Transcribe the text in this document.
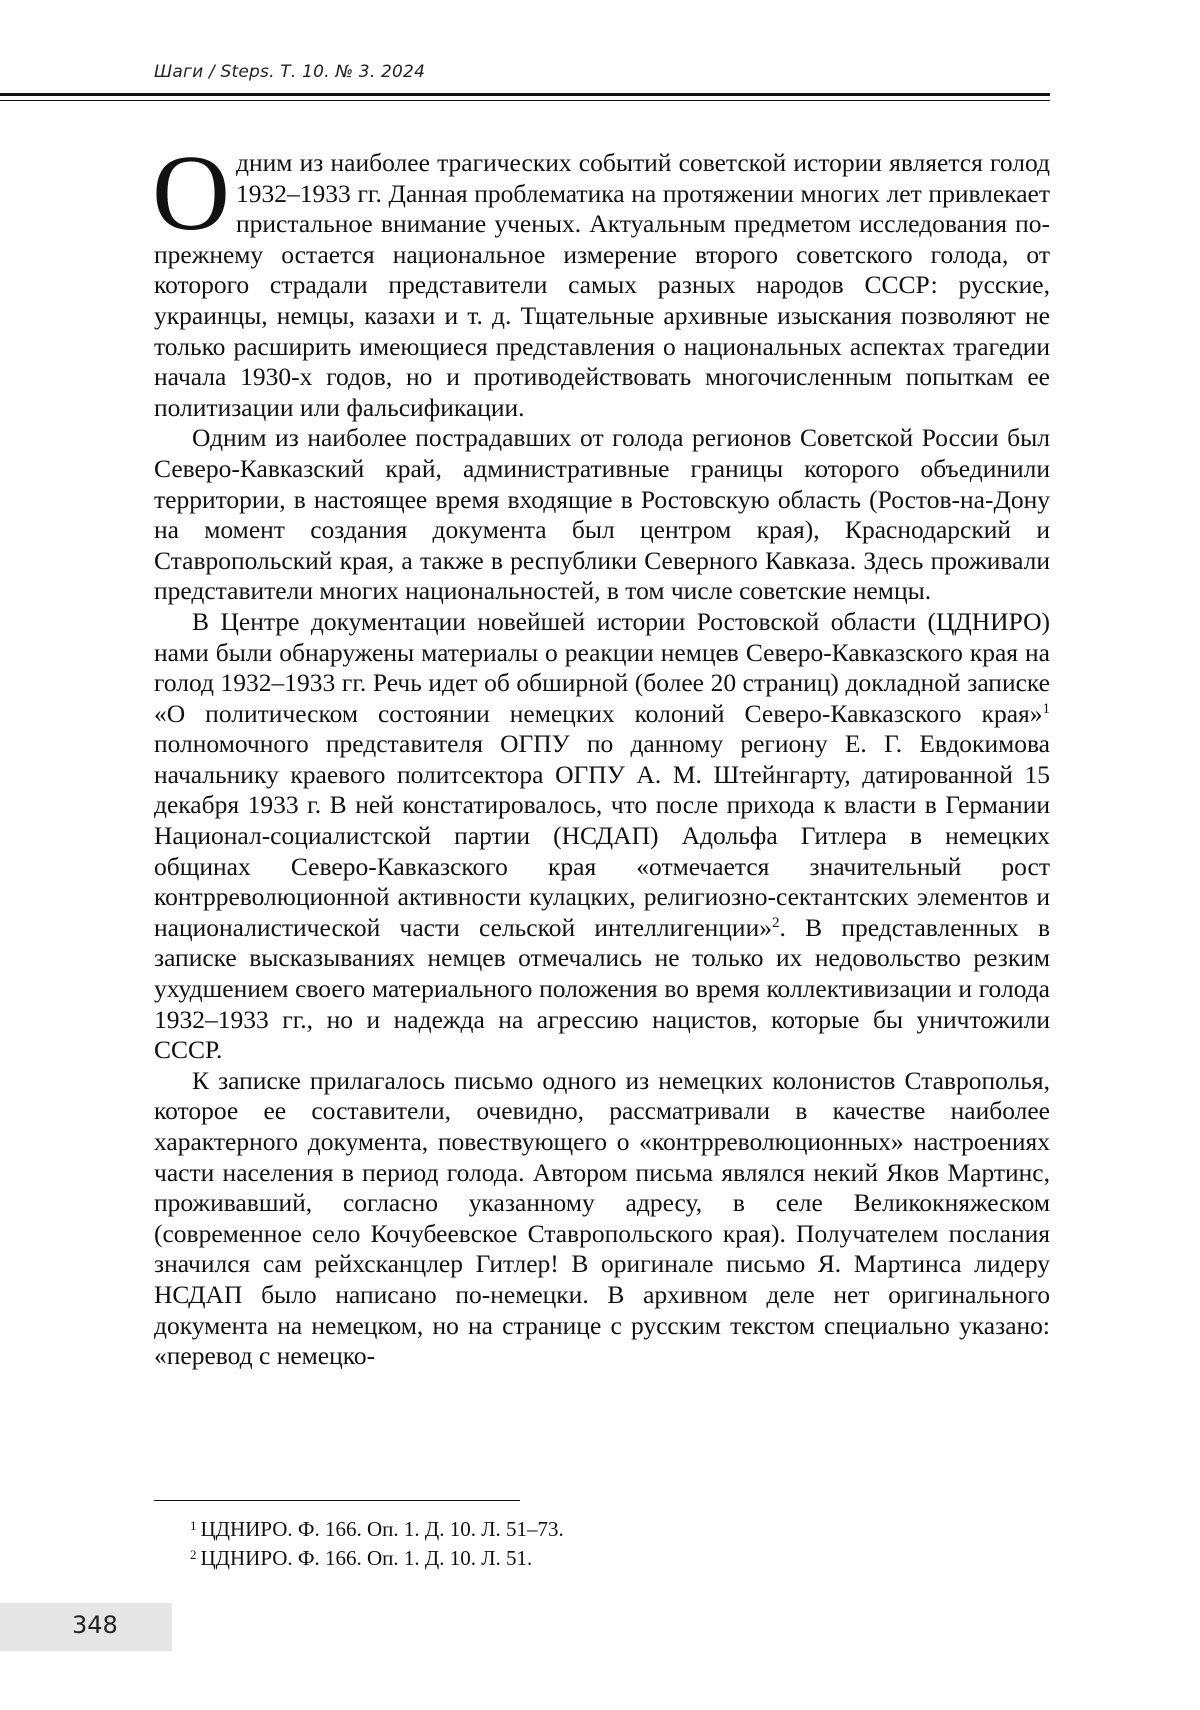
Шаги / Steps. Т. 10. № 3. 2024

Одним из наиболее трагических событий советской истории является голод 1932–1933 гг. Данная проблематика на протяжении многих лет привлекает пристальное внимание ученых. Актуальным предметом исследования по-прежнему остается национальное измерение второго советского голода, от которого страдали представители самых разных народов СССР: русские, украинцы, немцы, казахи и т. д. Тщательные архивные изыскания позволяют не только расширить имеющиеся представления о национальных аспектах трагедии начала 1930-х годов, но и противодействовать многочисленным попыткам ее политизации или фальсификации.

Одним из наиболее пострадавших от голода регионов Советской России был Северо-Кавказский край, административные границы которого объединили территории, в настоящее время входящие в Ростовскую область (Ростов-на-Дону на момент создания документа был центром края), Краснодарский и Ставропольский края, а также в республики Северного Кавказа. Здесь проживали представители многих национальностей, в том числе советские немцы.

В Центре документации новейшей истории Ростовской области (ЦДНИРО) нами были обнаружены материалы о реакции немцев Северо-Кавказского края на голод 1932–1933 гг. Речь идет об обширной (более 20 страниц) докладной записке «О политическом состоянии немецких колоний Северо-Кавказского края»$^1$ полномочного представителя ОГПУ по данному региону Е. Г. Евдокимова начальнику краевого политсектора ОГПУ А. М. Штейнгарту, датированной 15 декабря 1933 г. В ней констатировалось, что после прихода к власти в Германии Национал-социалистской партии (НСДАП) Адольфа Гитлера в немецких общинах Северо-Кавказского края «отмечается значительный рост контрреволюционной активности кулацких, религиозно-сектантских элементов и националистической части сельской интеллигенции»$^2$. В представленных в записке высказываниях немцев отмечались не только их недовольство резким ухудшением своего материального положения во время коллективизации и голода 1932–1933 гг., но и надежда на агрессию нацистов, которые бы уничтожили СССР.

К записке прилагалось письмо одного из немецких колонистов Ставрополья, которое ее составители, очевидно, рассматривали в качестве наиболее характерного документа, повествующего о «контрреволюционных» настроениях части населения в период голода. Автором письма являлся некий Яков Мартинс, проживавший, согласно указанному адресу, в селе Великокняжеском (современное село Кочубеевское Ставропольского края). Получателем послания значился сам рейхсканцлер Гитлер! В оригинале письмо Я. Мартинса лидеру НСДАП было написано по-немецки. В архивном деле нет оригинального документа на немецком, но на странице с русским текстом специально указано: «перевод с немецко-

$^1$ ЦДНИРО. Ф. 166. Оп. 1. Д. 10. Л. 51–73.
$^2$ ЦДНИРО. Ф. 166. Оп. 1. Д. 10. Л. 51.
348
